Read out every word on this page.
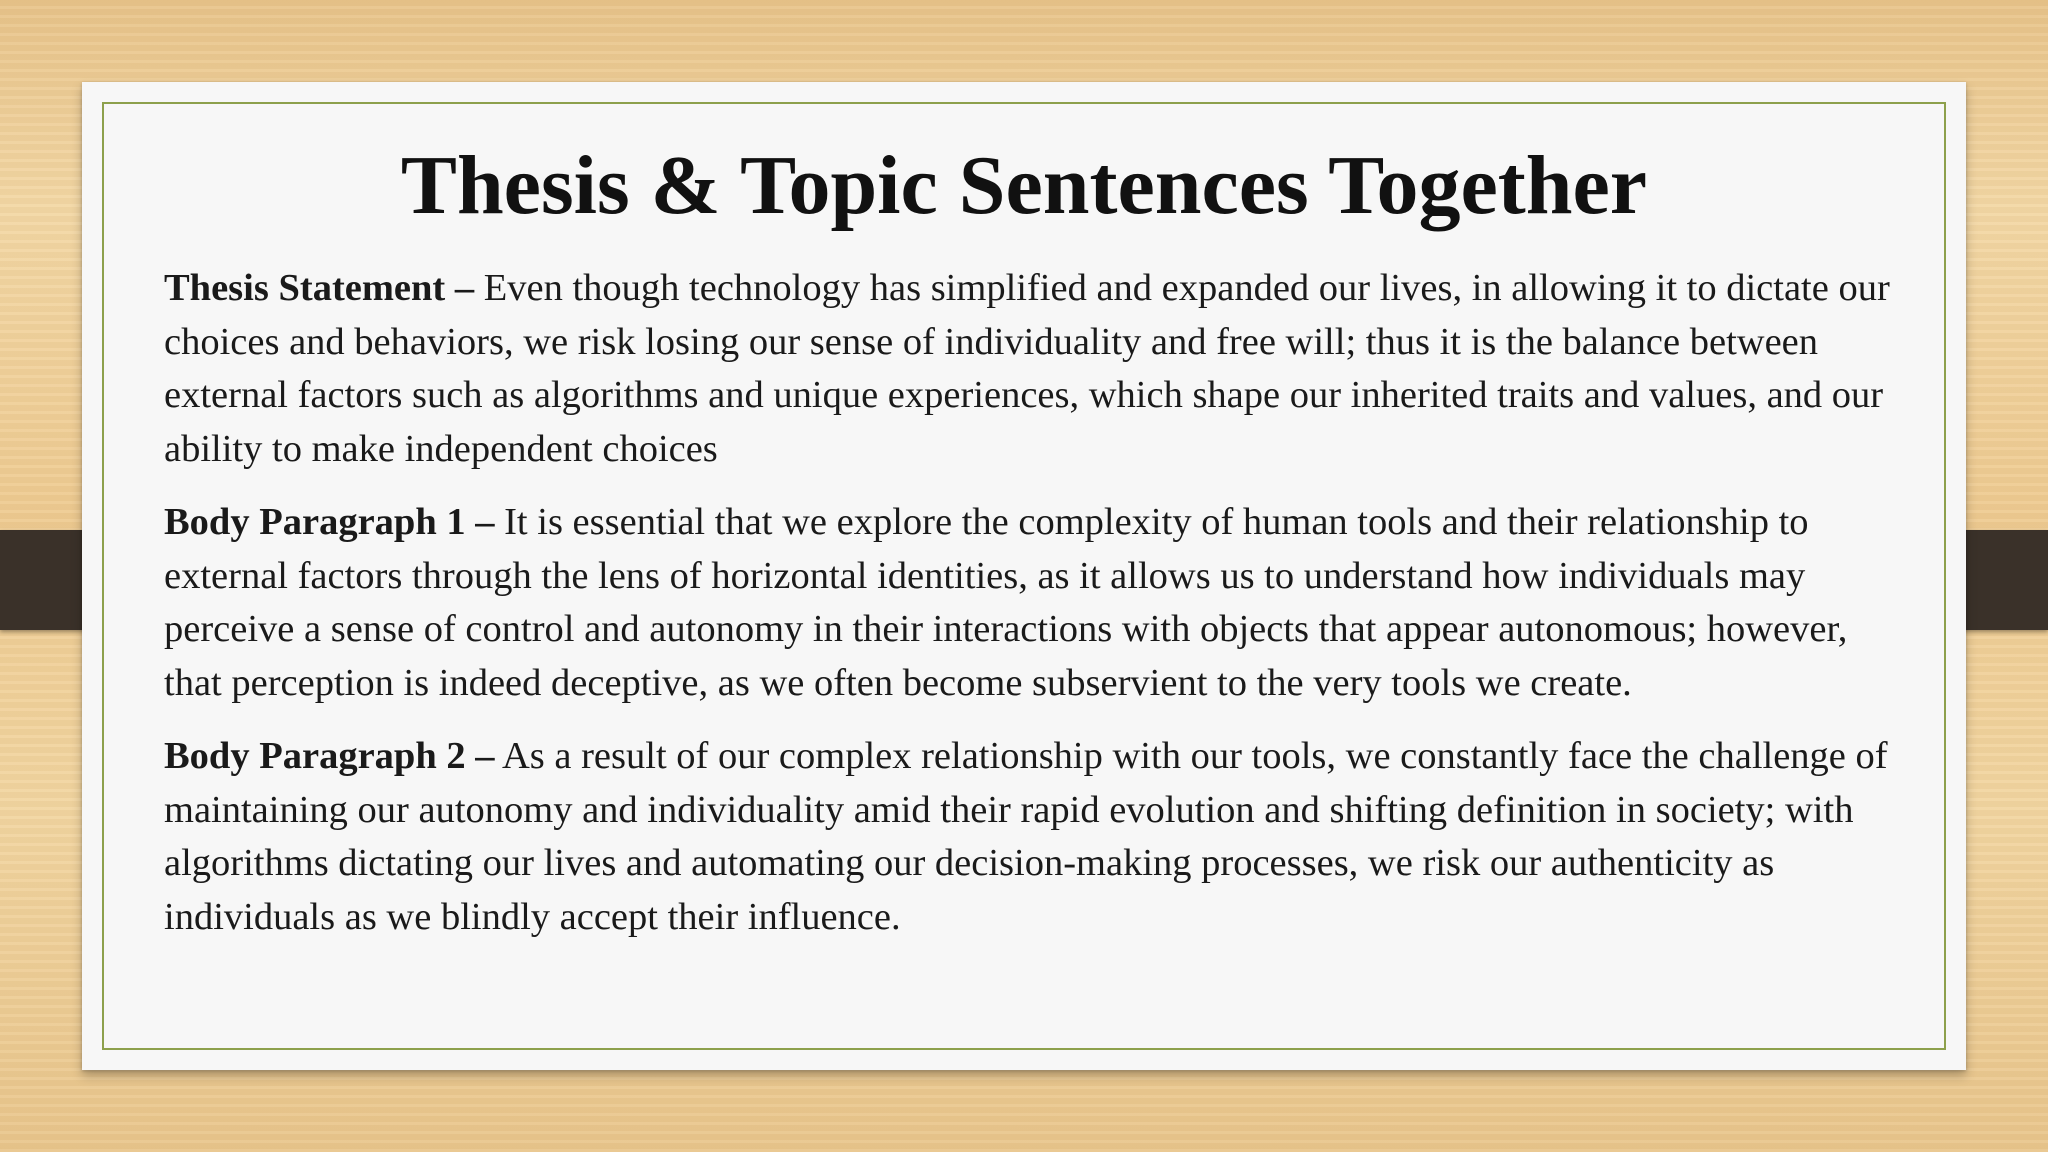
Thesis & Topic Sentences Together

Thesis Statement – Even though technology has simplified and expanded our lives, in allowing it to dictate our choices and behaviors, we risk losing our sense of individuality and free will; thus it is the balance between external factors such as algorithms and unique experiences, which shape our inherited traits and values, and our ability to make independent choices

Body Paragraph 1 – It is essential that we explore the complexity of human tools and their relationship to external factors through the lens of horizontal identities, as it allows us to understand how individuals may perceive a sense of control and autonomy in their interactions with objects that appear autonomous; however, that perception is indeed deceptive, as we often become subservient to the very tools we create.

Body Paragraph 2 – As a result of our complex relationship with our tools, we constantly face the challenge of maintaining our autonomy and individuality amid their rapid evolution and shifting definition in society; with algorithms dictating our lives and automating our decision-making processes, we risk our authenticity as individuals as we blindly accept their influence.
